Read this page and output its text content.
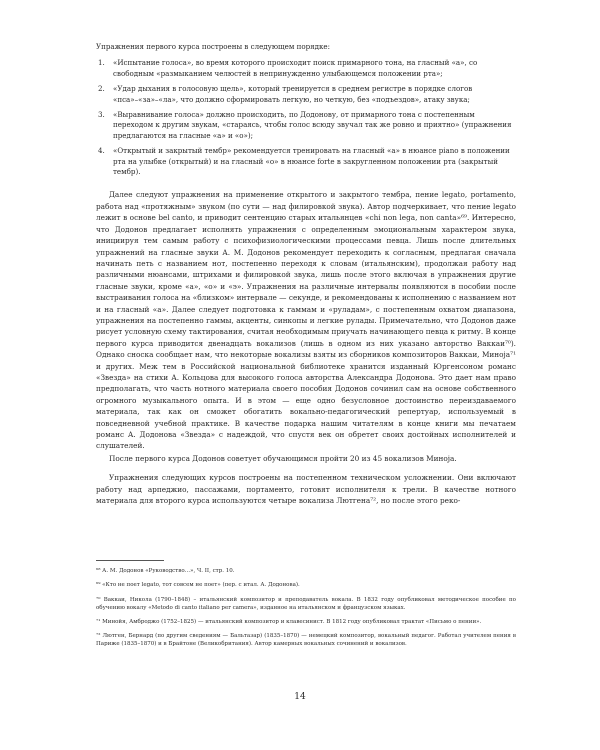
Упражнения первого курса построены в следующем порядке:

1. «Испытание голоса», во время которого происходит поиск примарного тона, на гласный «a», со свободным «размыканием челюстей в непринужденно улыбающемся положении рта»;
2. «Удар дыхания в голосовую щель», который тренируется в среднем регистре в порядке слогов «пса»–«за»–«ла», что должно сформировать легкую, но четкую, без «подъездов», атаку звука;
3. «Выравнивание голоса» должно происходить, по Додонову, от примарного тона с постепенным переходом к другим звукам, «стараясь, чтобы голос всюду звучал так же ровно и приятно» (упражнения предлагаются на гласные «а» и «о»);
4. «Открытый и закрытый тембр» рекомендуется тренировать на гласный «а» в нюансе piano в положении рта на улыбке (открытый) и на гласный «о» в нюансе forte в закругленном положении рта (закрытый тембр).

Далее следуют упражнения на применение открытого и закрытого тембра, пение legato, portamento, работа над «протяжным» звуком (по сути — над филировкой звука). Автор подчеркивает, что пение legato лежит в основе bel canto, и приводит сентенцию старых итальянцев «chi non lega, non canta»⁶⁹. Интересно, что Додонов предлагает исполнять упражнения с определенным эмоциональным характером звука, инициируя тем самым работу с психофизиологическими процессами певца. Лишь после длительных упражнений на гласные звуки А. М. Додонов рекомендует переходить к согласным, предлагая сначала начинать петь с названием нот, постепенно переходя к словам (итальянским), продолжая работу над различными нюансами, штрихами и филировкой звука, лишь после этого включая в упражнения другие гласные звуки, кроме «а», «о» и «э». Упражнения на различные интервалы появляются в пособии после выстраивания голоса на «близком» интервале — секунде, и рекомендованы к исполнению с названием нот и на гласный «а». Далее следует подготовка к гаммам и «руладам», с постепенным охватом диапазона, упражнения на постепенно гаммы, акценты, синкопы и легкие рулады. Примечательно, что Додонов даже рисует условную схему тактирования, считая необходимым приучать начинающего певца к ритму. В конце первого курса приводится двенадцать вокализов (лишь в одном из них указано авторство Ваккаи⁷⁰). Однако сноска сообщает нам, что некоторые вокализы взяты из сборников композиторов Ваккаи, Миноја⁷¹ и других. Меж тем в Российской национальной библиотеке хранится изданный Юргенсоном романс «Звезда» на стихи А. Кольцова для высокого голоса авторства Александра Додонова. Это дает нам право предполагать, что часть нотного материала своего пособия Додонов сочинил сам на основе собственного огромного музыкального опыта. И в этом — еще одно безусловное достоинство переиздаваемого материала, так как он сможет обогатить вокально-педагогический репертуар, используемый в повседневной учебной практике. В качестве подарка нашим читателям в конце книги мы печатаем романс А. Додонова «Звезда» с надеждой, что спустя век он обретет своих достойных исполнителей и слушателей.

После первого курса Додонов советует обучающимся пройти 20 из 45 вокализов Миноја.

Упражнения следующих курсов построены на постепенном техническом усложнении. Они включают работу над арпеджио, пассажами, портаменто, готовят исполнителя к трели. В качестве нотного материала для второго курса используются четыре вокализа Лютгена⁷², но после этого реко-

⁶⁸ А. М. Додонов «Руководство…», Ч. II, стр. 10.

⁶⁹ «Кто не поет legato, тот совсем не поет» (пер. с итал. А. Додонова).

⁷⁰ Ваккаи, Никола (1790–1848) – итальянский композитор и преподаватель вокала. В 1832 году опубликовал методическое пособие по обучению вокалу «Metodo di canto italiano per camera», изданное на итальянском и французском языках.

⁷¹ Минойя, Амброджо (1752–1825) — итальянский композитор и клавесинист. В 1812 году опубликовал трактат «Письмо о пении».

⁷² Лютген, Бернард (по другим сведениям — Бальтазар) (1835–1870) — немецкий композитор, вокальный педагог. Работал учителем пения в Париже (1835–1870) и в Брайтоне (Великобритания). Автор камерных вокальных сочинений и вокализов.

14
